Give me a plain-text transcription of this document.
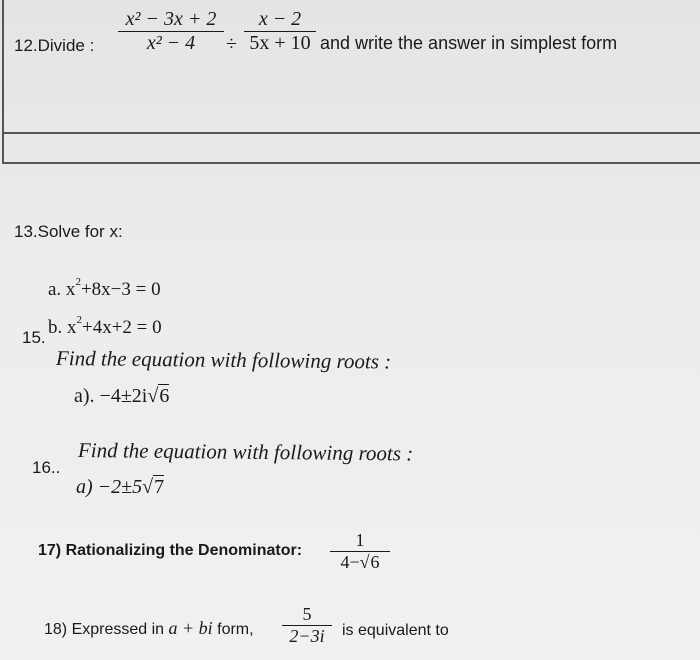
12.Divide :
x² − 3x + 2
x² − 4	÷
x − 2
5x + 10 and write the answer in simplest form
13.Solve for x:
a. $x^2+8x-3 = 0$
b. $x^2+4x+2 = 0$
15.
Find the equation with following roots :
a). −4±2i√6
Find the equation with following roots :
16..
a) −2±5√7
17) Rationalizing the Denominator:
1
4−√6
18) Expressed in a + bi form,
5
2−3i	is equivalent to
